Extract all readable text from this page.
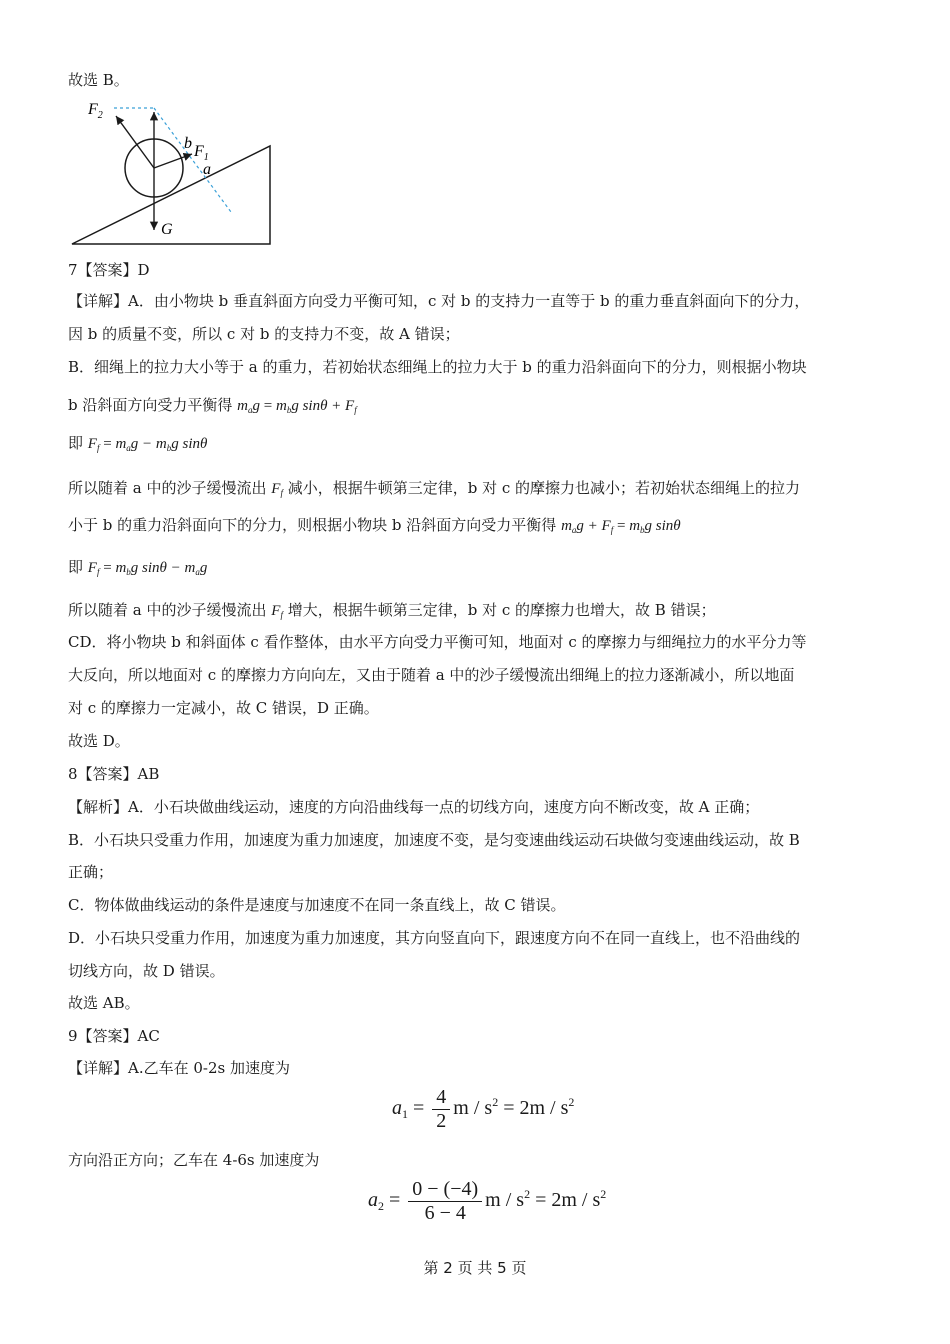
故选 B。
$F_2$
$F_1$
b
a
G
7【答案】D
【详解】A．由小物块 b 垂直斜面方向受力平衡可知，c 对 b 的支持力一直等于 b 的重力垂直斜面向下的分力，
因 b 的质量不变，所以 c 对 b 的支持力不变，故 A 错误；
B．细绳上的拉力大小等于 a 的重力，若初始状态细绳上的拉力大于 b 的重力沿斜面向下的分力，则根据小物块
b 沿斜面方向受力平衡得 $m_ag = m_bg$ $\sin\theta + F_f$
即 $F_f = m_ag - m_bg$ sinθ
所以随着 a 中的沙子缓慢流出 $F_f$ 减小，根据牛顿第三定律，b 对 c 的摩擦力也减小；若初始状态细绳上的拉力
小于 b 的重力沿斜面向下的分力，则根据小物块 b 沿斜面方向受力平衡得 $m_ag + F_f = m_bg$ sinθ
即 $F_f = m_bg$ $\sin\theta - m_ag$
所以随着 a 中的沙子缓慢流出 $F_f$ 增大，根据牛顿第三定律，b 对 c 的摩擦力也增大，故 B 错误；
CD．将小物块 b 和斜面体 c 看作整体，由水平方向受力平衡可知，地面对 c 的摩擦力与细绳拉力的水平分力等
大反向，所以地面对 c 的摩擦力方向向左，又由于随着 a 中的沙子缓慢流出细绳上的拉力逐渐减小，所以地面
对 c 的摩擦力一定减小，故 C 错误，D 正确。
故选 D。
8【答案】AB
【解析】A．小石块做曲线运动，速度的方向沿曲线每一点的切线方向，速度方向不断改变，故 A 正确；
B．小石块只受重力作用，加速度为重力加速度，加速度不变，是匀变速曲线运动石块做匀变速曲线运动，故 B
正确；
C．物体做曲线运动的条件是速度与加速度不在同一条直线上，故 C 错误。
D．小石块只受重力作用，加速度为重力加速度，其方向竖直向下，跟速度方向不在同一直线上，也不沿曲线的
切线方向，故 D 错误。
故选 AB。
9【答案】AC
【详解】A.乙车在 0-2s 加速度为
$a_1 = \frac{4}{2}$ $m / s^2 = 2m / s^2$
方向沿正方向；乙车在 4-6s 加速度为
$a_2 = \frac{0 - (-4)}{6 - 4}$ $m / s^2 = 2m / s^2$
第 2 页 共 5 页
